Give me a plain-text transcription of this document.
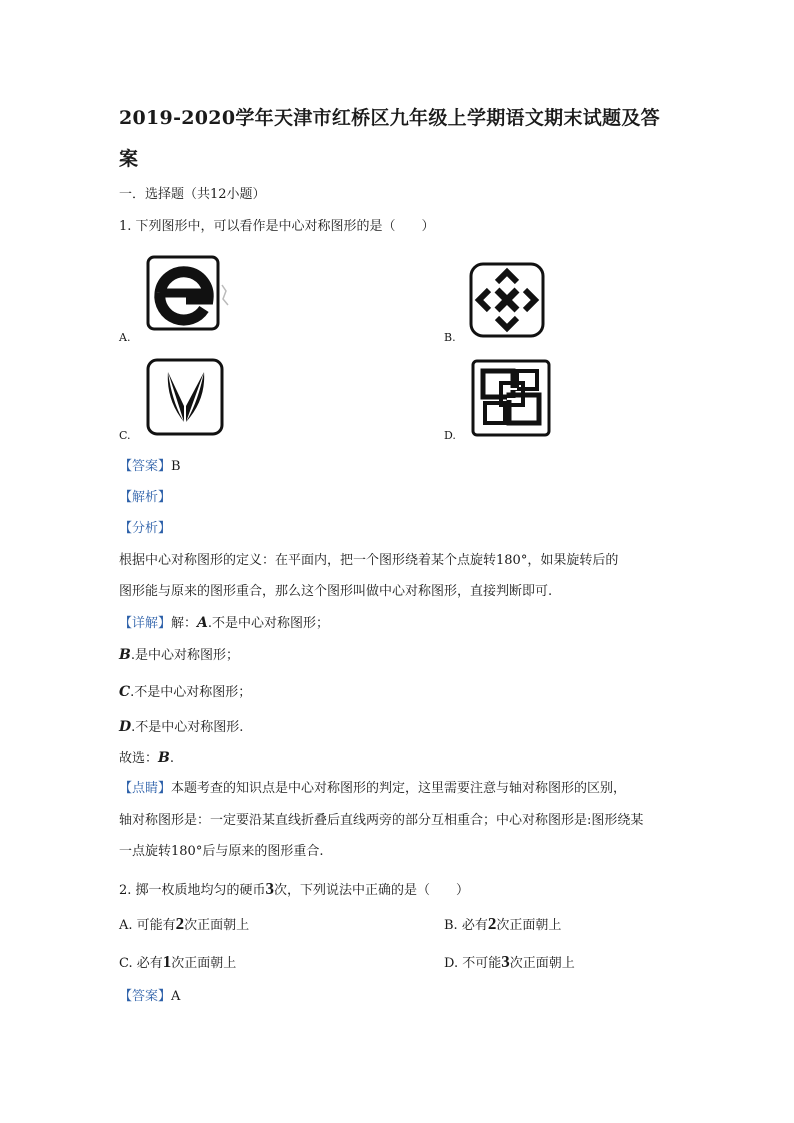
2019-2020学年天津市红桥区九年级上学期语文期末试题及答案
一．选择题（共12小题）
1. 下列图形中，可以看作是中心对称图形的是（　　）
A.	B.
C.	D.
【答案】B
【解析】
【分析】
根据中心对称图形的定义：在平面内，把一个图形绕着某个点旋转180°，如果旋转后的
图形能与原来的图形重合，那么这个图形叫做中心对称图形，直接判断即可.
【详解】解：A.不是中心对称图形；
B.是中心对称图形；
C.不是中心对称图形；
D.不是中心对称图形.
故选：B.
【点睛】本题考查的知识点是中心对称图形的判定，这里需要注意与轴对称图形的区别，
轴对称图形是：一定要沿某直线折叠后直线两旁的部分互相重合；中心对称图形是:图形绕某
一点旋转180°后与原来的图形重合.
2. 掷一枚质地均匀的硬币3次，下列说法中正确的是（　　）
A. 可能有2次正面朝上	B. 必有2次正面朝上
C. 必有1次正面朝上	D. 不可能3次正面朝上
【答案】A
